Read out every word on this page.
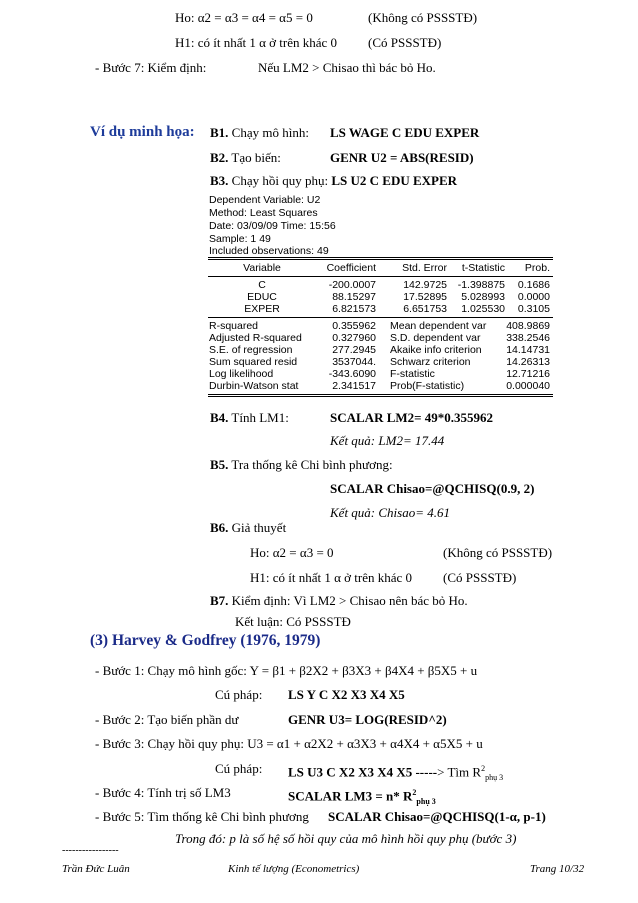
Ho: α2 = α3 = α4 = α5 = 0	(Không có PSSSTĐ)
H1: có ít nhất 1 α ở trên khác 0 (Có PSSSTĐ)
- Bước 7: Kiểm định:	Nếu LM2 > Chisao thì bác bỏ Ho.
Ví dụ minh họa: B1. Chạy mô hình: LS WAGE C EDU EXPER
B2. Tạo biến:	GENR U2 = ABS(RESID)
B3. Chạy hồi quy phụ: LS U2 C EDU EXPER
Dependent Variable: U2
Method: Least Squares
Date: 03/09/09 Time: 15:56
Sample: 1 49
Included observations: 49
Variable	Coefficient	Std. Error	t-Statistic	Prob.
C	-200.0007	142.9725	-1.398875	0.1686
EDUC	88.15297	17.52895	5.028993	0.0000
EXPER	6.821573	6.651753	1.025530	0.3105
R-squared	0.355962 Mean dependent var	408.9869
Adjusted R-squared	0.327960 S.D. dependent var	338.2546
S.E. of regression	277.2945 Akaike info criterion	14.14731
Sum squared resid	3537044. Schwarz criterion	14.26313
Log likelihood	-343.6090 F-statistic	12.71216
Durbin-Watson stat	2.341517 Prob(F-statistic)	0.000040
B4. Tính LM1:	SCALAR LM2= 49*0.355962
Kết quả: LM2= 17.44
B5. Tra thống kê Chi bình phương:
SCALAR Chisao=@QCHISQ(0.9, 2)
Kết quả: Chisao= 4.61
B6. Giả thuyết
Ho: α2 = α3 = 0	(Không có PSSSTĐ)
H1: có ít nhất 1 α ở trên khác 0 (Có PSSSTĐ)
B7. Kiểm định: Vì LM2 > Chisao nên bác bỏ Ho.
Kết luận: Có PSSSTĐ
(3) Harvey & Godfrey (1976, 1979)
- Bước 1: Chạy mô hình gốc: Y = β1 + β2X2 + β3X3 + β4X4 + β5X5 + u
Cú pháp: LS Y C X2 X3 X4 X5
- Bước 2: Tạo biến phần dư	GENR U3= LOG(RESID^2)
- Bước 3: Chạy hồi quy phụ: U3 = α1 + α2X2 + α3X3 + α4X4 + α5X5 + u
Cú pháp: LS U3 C X2 X3 X4 X5 -----> Tìm $R^2_{phụ 3}$
- Bước 4: Tính trị số LM3	SCALAR LM3 = n* $R^2_{phụ 3}$
- Bước 5: Tìm thống kê Chi bình phương SCALAR Chisao=@QCHISQ(1-α, p-1)
Trong đó: p là số hệ số hồi quy của mô hình hồi quy phụ (bước 3)
-----------------
Trần Đức Luân	Kinh tế lượng (Econometrics)	Trang 10/32
